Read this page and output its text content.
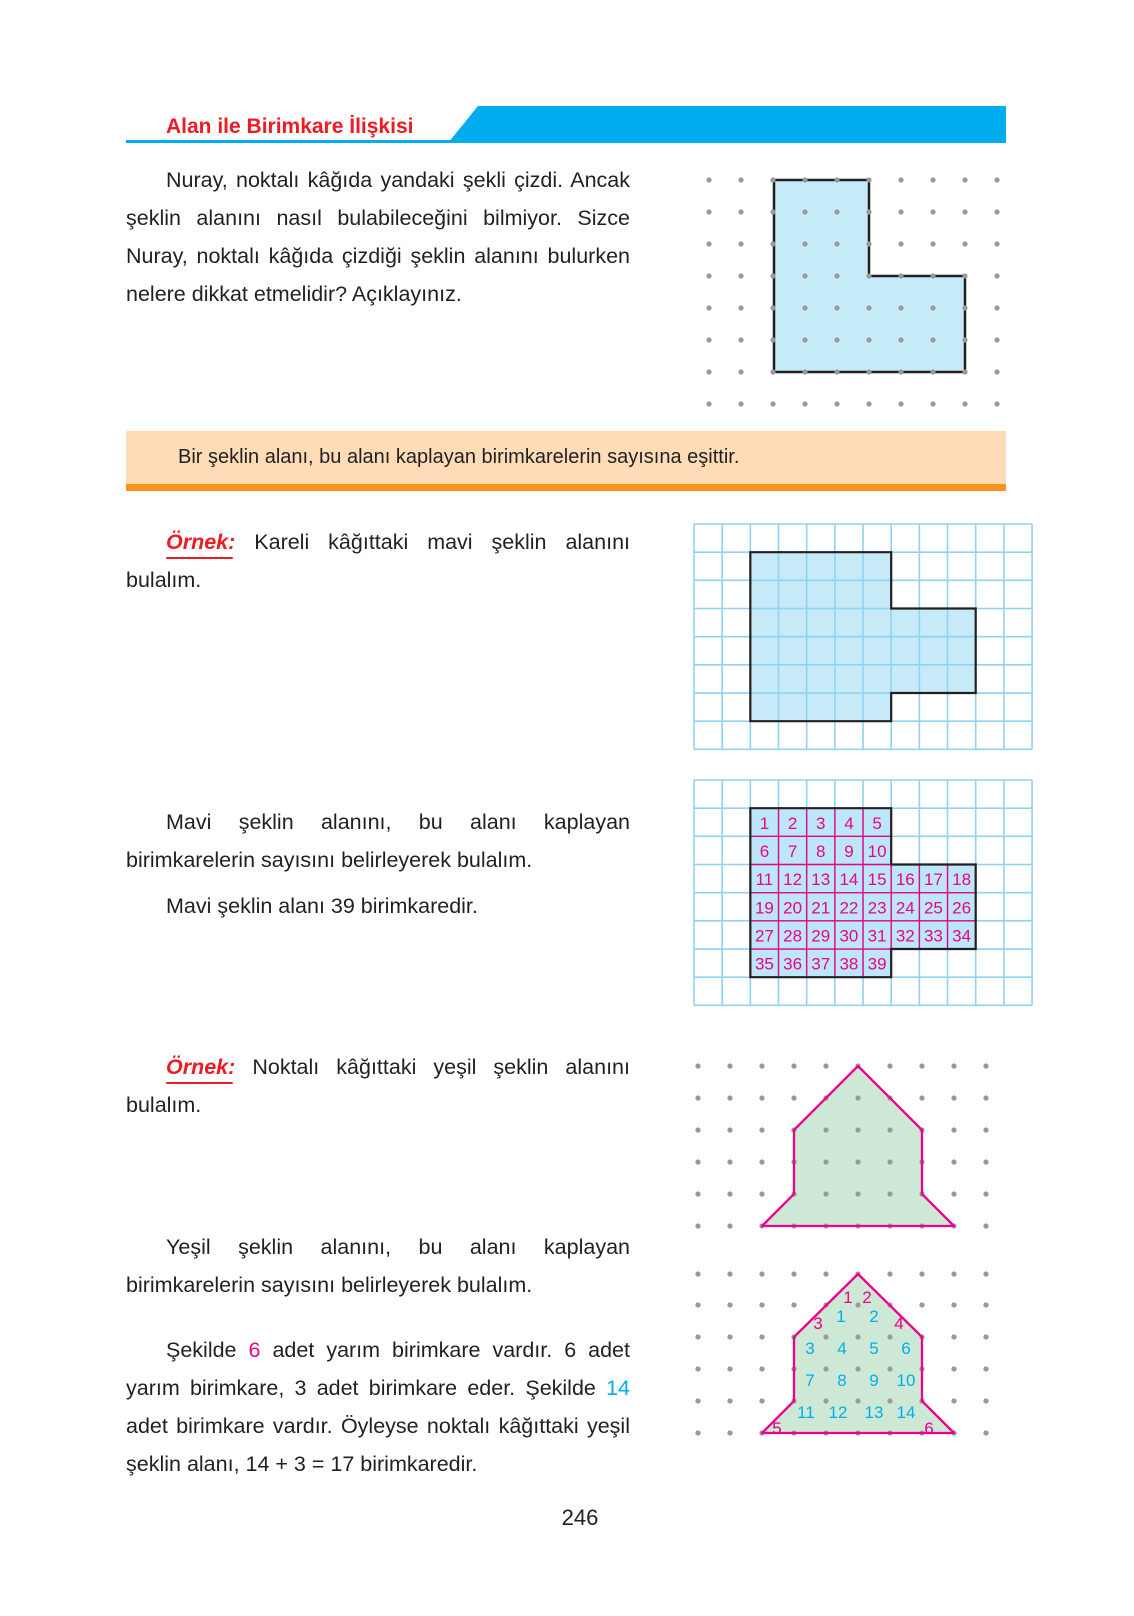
Alan ile Birimkare İlişkisi

Nuray, noktalı kâğıda yandaki şekli çizdi. Ancak şeklin alanını nasıl bulabileceğini bilmiyor. Sizce Nuray, noktalı kâğıda çizdiği şeklin alanını bulurken nelere dikkat etmelidir? Açıklayınız.

Bir şeklin alanı, bu alanı kaplayan birimkarelerin sayısına eşittir.

Örnek: Kareli kâğıttaki mavi şeklin alanını bulalım.

Mavi şeklin alanını, bu alanı kaplayan birimkarelerin sayısını belirleyerek bulalım.

Mavi şeklin alanı 39 birimkaredir.

1 2 3 4 5
6 7 8 9 10
11 12 13 14 15 16 17 18
19 20 21 22 23 24 25 26
27 28 29 30 31 32 33 34
35 36 37 38 39

Örnek: Noktalı kâğıttaki yeşil şeklin alanını bulalım.

Yeşil şeklin alanını, bu alanı kaplayan birimkarelerin sayısını belirleyerek bulalım.

Şekilde 6 adet yarım birimkare vardır. 6 adet yarım birimkare, 3 adet birimkare eder. Şekilde 14 adet birimkare vardır. Öyleyse noktalı kâğıttaki yeşil şeklin alanı, 14 + 3 = 17 birimkaredir.

1 2
3	4
5	6
1 2
3 4 5 6
7 8 9 10
11 12 13 14
246
